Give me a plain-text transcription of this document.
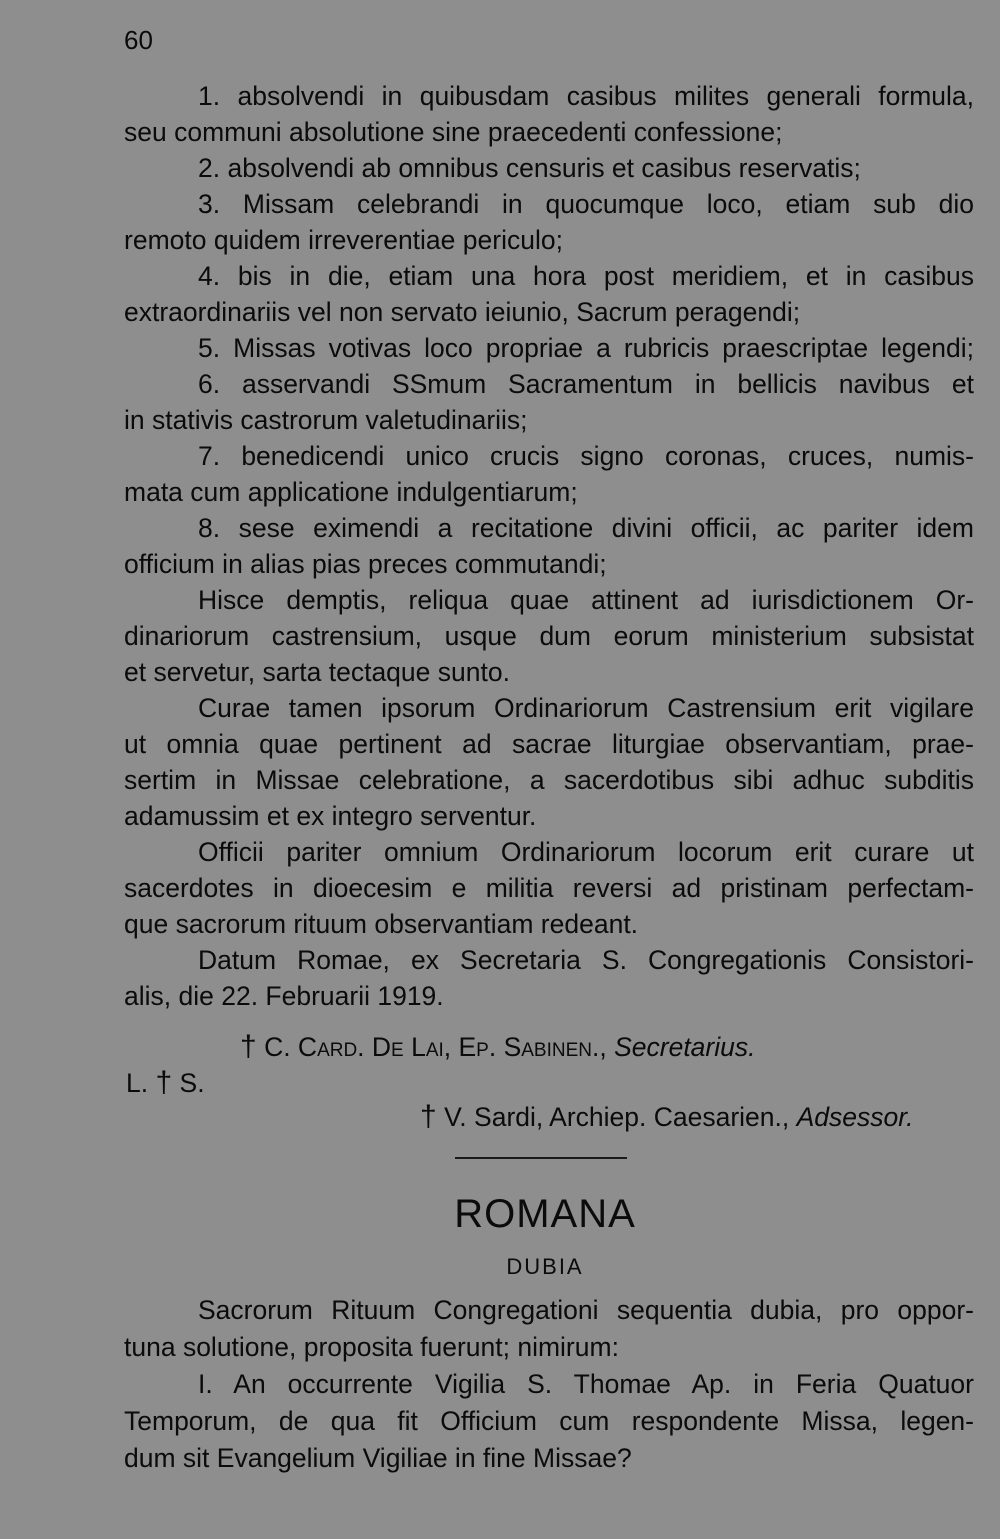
60
1. absolvendi in quibusdam casibus milites generali formula,
seu communi absolutione sine praecedenti confessione;
2. absolvendi ab omnibus censuris et casibus reservatis;
3. Missam celebrandi in quocumque loco, etiam sub dio
remoto quidem irreverentiae periculo;
4. bis in die, etiam una hora post meridiem, et in casibus
extraordinariis vel non servato ieiunio, Sacrum peragendi;
5. Missas votivas loco propriae a rubricis praescriptae legendi;
6. asservandi SSmum Sacramentum in bellicis navibus et
in stativis castrorum valetudinariis;
7. benedicendi unico crucis signo coronas, cruces, numis-
mata cum applicatione indulgentiarum;
8. sese eximendi a recitatione divini officii, ac pariter idem
officium in alias pias preces commutandi;
Hisce demptis, reliqua quae attinent ad iurisdictionem Or-
dinariorum castrensium, usque dum eorum ministerium subsistat
et servetur, sarta tectaque sunto.
Curae tamen ipsorum Ordinariorum Castrensium erit vigilare
ut omnia quae pertinent ad sacrae liturgiae observantiam, prae-
sertim in Missae celebratione, a sacerdotibus sibi adhuc subditis
adamussim et ex integro serventur.
Officii pariter omnium Ordinariorum locorum erit curare ut
sacerdotes in dioecesim e militia reversi ad pristinam perfectam-
que sacrorum rituum observantiam redeant.
Datum Romae, ex Secretaria S. Congregationis Consistori-
alis, die 22. Februarii 1919.
† C. Card. De Lai, Ep. Sabinen., Secretarius.
L. † S.
† V. Sardi, Archiep. Caesarien., Adsessor.
ROMANA
DUBIA
Sacrorum Rituum Congregationi sequentia dubia, pro oppor-
tuna solutione, proposita fuerunt; nimirum:
I. An occurrente Vigilia S. Thomae Ap. in Feria Quatuor
Temporum, de qua fit Officium cum respondente Missa, legen-
dum sit Evangelium Vigiliae in fine Missae?
